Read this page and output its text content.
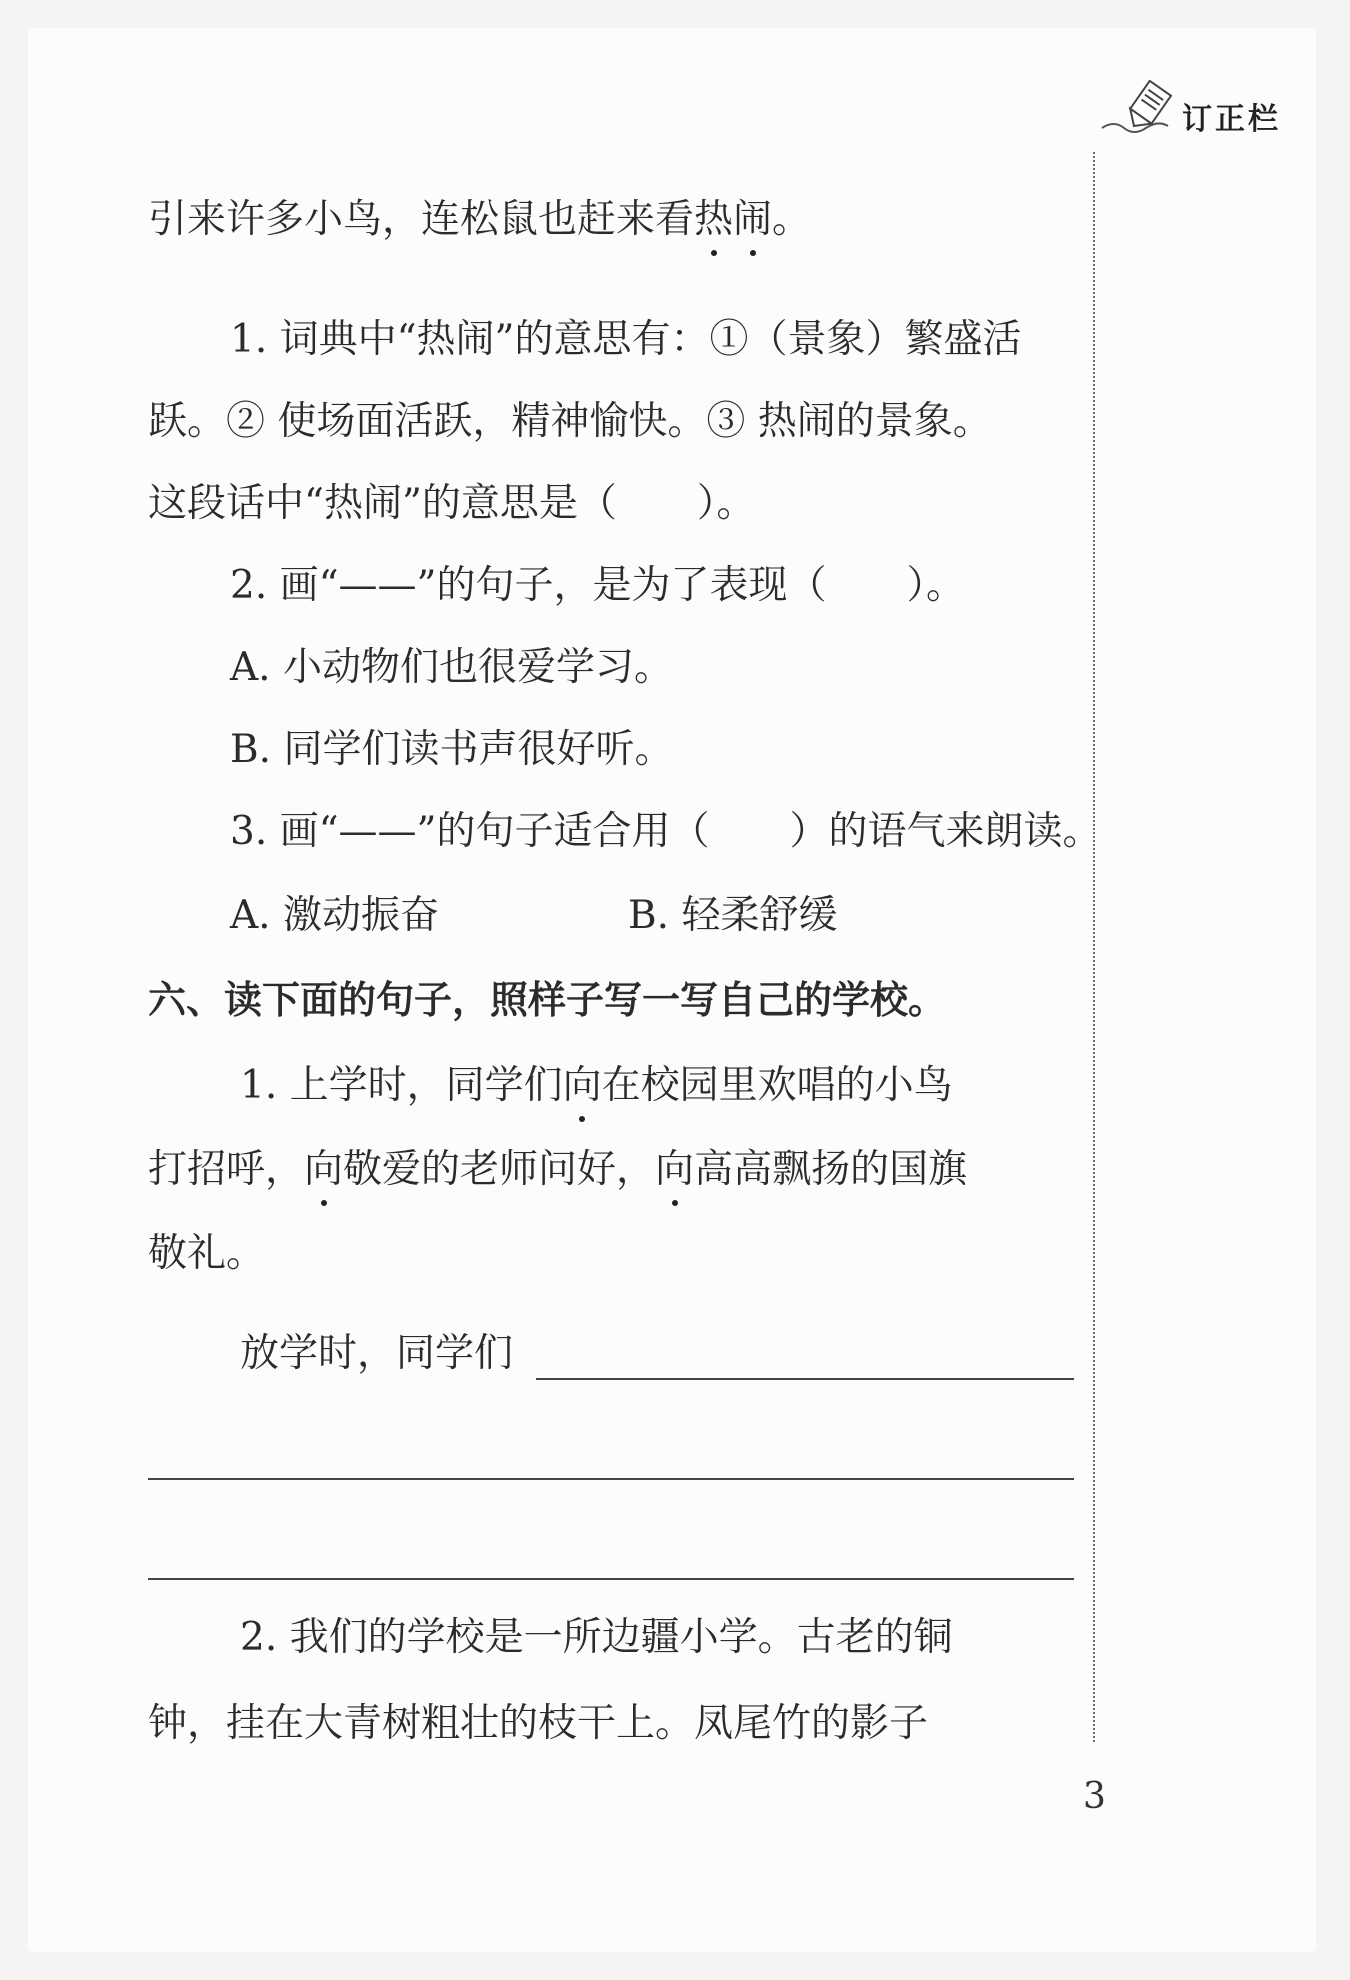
订正栏
引来许多小鸟，连松鼠也赶来看热闹。
1. 词典中“热闹”的意思有：①（景象）繁盛活
跃。② 使场面活跃，精神愉快。③ 热闹的景象。
这段话中“热闹”的意思是（ ）。
2. 画“——”的句子，是为了表现（ ）。
A. 小动物们也很爱学习。
B. 同学们读书声很好听。
3. 画“——”的句子适合用（ ）的语气来朗读。
A. 激动振奋	B. 轻柔舒缓
六、读下面的句子，照样子写一写自己的学校。
1. 上学时，同学们向在校园里欢唱的小鸟
打招呼，向敬爱的老师问好，向高高飘扬的国旗
敬礼。
放学时，同学们
2. 我们的学校是一所边疆小学。古老的铜
钟，挂在大青树粗壮的枝干上。凤尾竹的影子
3
